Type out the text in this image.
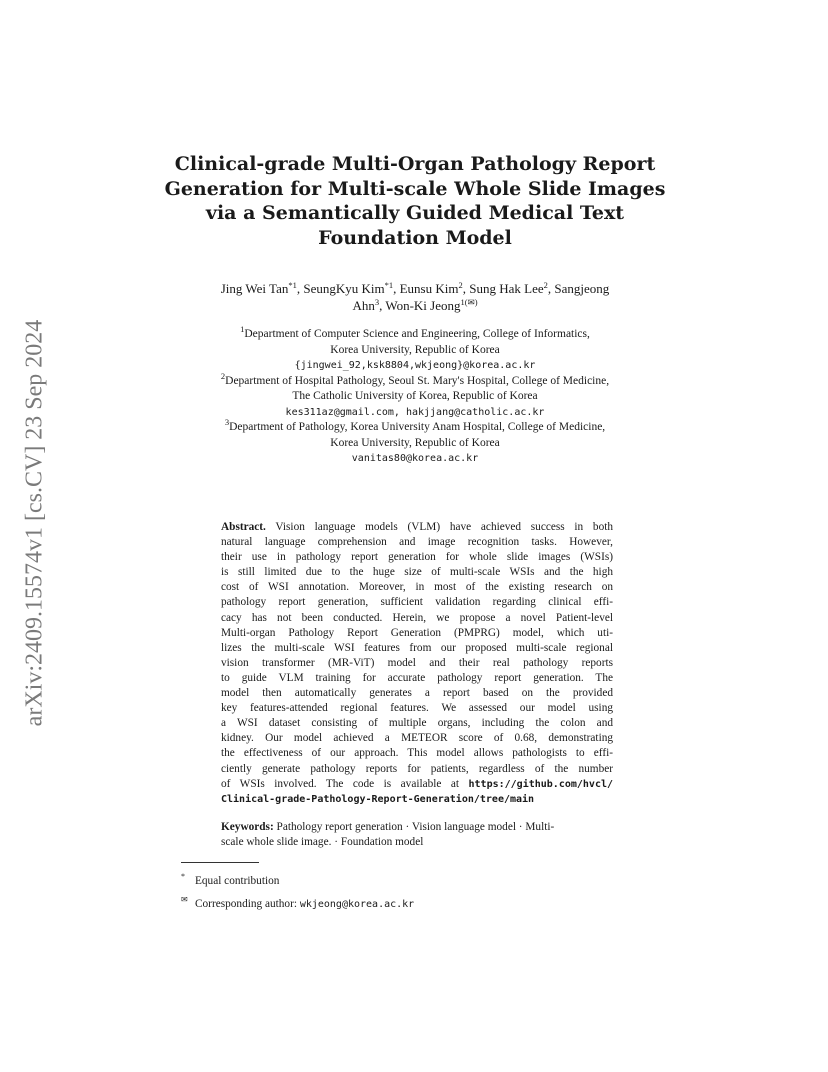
arXiv:2409.15574v1 [cs.CV] 23 Sep 2024
Clinical-grade Multi-Organ Pathology Report
Generation for Multi-scale Whole Slide Images
via a Semantically Guided Medical Text
Foundation Model
Jing Wei Tan$^{*1}$, SeungKyu Kim$^{*1}$, Eunsu Kim$^2$, Sung Hak Lee$^2$, Sangjeong
Ahn$^3$, Won-Ki Jeong$^{1(✉)}$
$^1$Department of Computer Science and Engineering, College of Informatics,
Korea University, Republic of Korea
{jingwei_92,ksk8804,wkjeong}@korea.ac.kr
$^2$Department of Hospital Pathology, Seoul St. Mary's Hospital, College of Medicine,
The Catholic University of Korea, Republic of Korea
kes311az@gmail.com, hakjjang@catholic.ac.kr
$^3$Department of Pathology, Korea University Anam Hospital, College of Medicine,
Korea University, Republic of Korea
vanitas80@korea.ac.kr
Abstract. Vision language models (VLM) have achieved success in both
natural language comprehension and image recognition tasks. However,
their use in pathology report generation for whole slide images (WSIs)
is still limited due to the huge size of multi-scale WSIs and the high
cost of WSI annotation. Moreover, in most of the existing research on
pathology report generation, sufficient validation regarding clinical effi-
cacy has not been conducted. Herein, we propose a novel Patient-level
Multi-organ Pathology Report Generation (PMPRG) model, which uti-
lizes the multi-scale WSI features from our proposed multi-scale regional
vision transformer (MR-ViT) model and their real pathology reports
to guide VLM training for accurate pathology report generation. The
model then automatically generates a report based on the provided
key features-attended regional features. We assessed our model using
a WSI dataset consisting of multiple organs, including the colon and
kidney. Our model achieved a METEOR score of 0.68, demonstrating
the effectiveness of our approach. This model allows pathologists to effi-
ciently generate pathology reports for patients, regardless of the number
of WSIs involved. The code is available at https://github.com/hvcl/
Clinical-grade-Pathology-Report-Generation/tree/main
Keywords: Pathology report generation · Vision language model · Multi-
scale whole slide image. · Foundation model
* Equal contribution
✉ Corresponding author: wkjeong@korea.ac.kr
